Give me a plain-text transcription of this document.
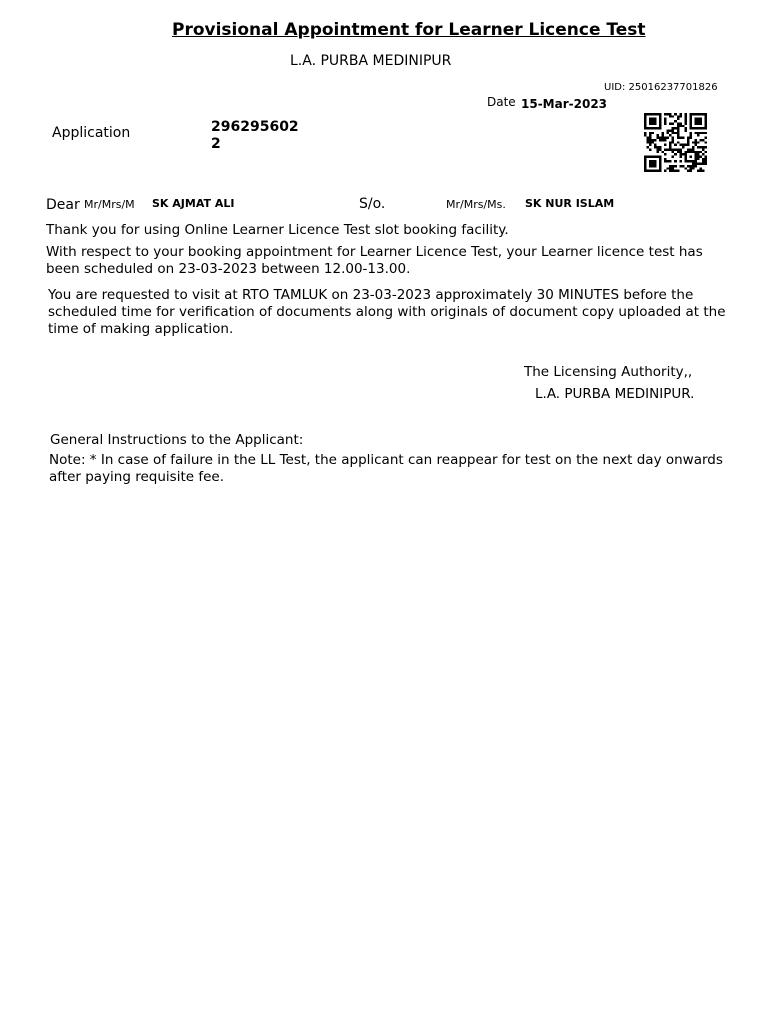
Provisional Appointment for Learner Licence Test
L.A. PURBA MEDINIPUR
UID: 25016237701826
Date 15-Mar-2023
Application	2962956022
Dear Mr/Mrs/M SK AJMAT ALI	S/o.	Mr/Mrs/Ms. SK NUR ISLAM
Thank you for using Online Learner Licence Test slot booking facility.
With respect to your booking appointment for Learner Licence Test, your Learner licence test has been scheduled on 23-03-2023 between 12.00-13.00.
You are requested to visit at RTO TAMLUK on 23-03-2023 approximately 30 MINUTES before the scheduled time for verification of documents along with originals of document copy uploaded at the time of making application.
The Licensing Authority,,
L.A. PURBA MEDINIPUR.
General Instructions to the Applicant:
Note: * In case of failure in the LL Test, the applicant can reappear for test on the next day onwards after paying requisite fee.
